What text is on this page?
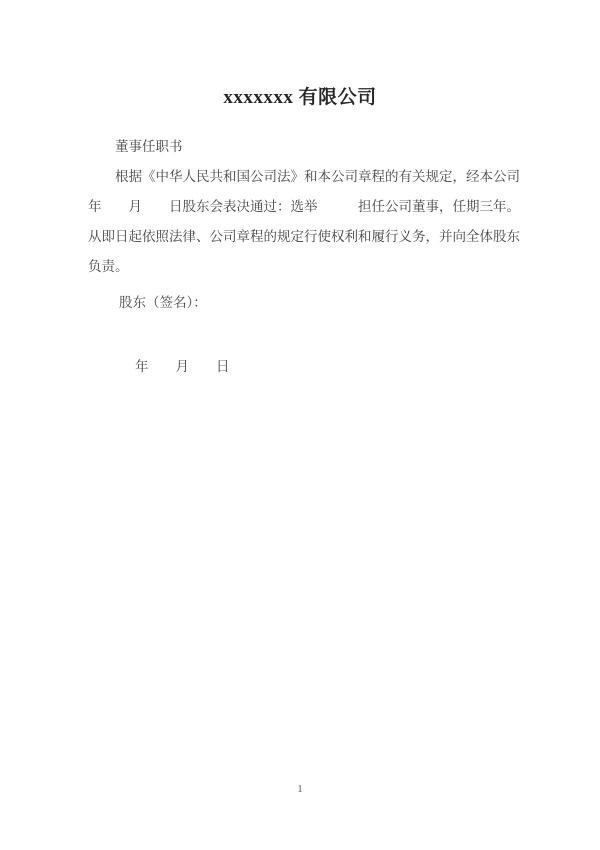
xxxxxxx 有限公司

董事任职书

根据《中华人民共和国公司法》和本公司章程的有关规定，经本公司

年　　月　　日股东会表决通过：选举　　　担任公司董事，任期三年。

从即日起依照法律、公司章程的规定行使权利和履行义务，并向全体股东负责。

股东（签名）：

年　　月　　日

1
